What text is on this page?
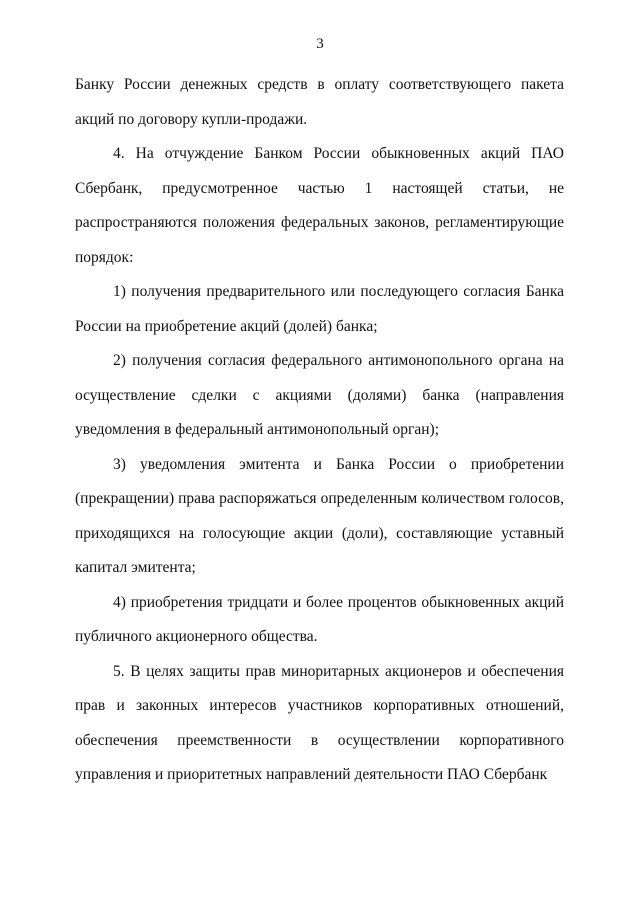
3

Банку России денежных средств в оплату соответствующего пакета акций по договору купли-продажи.

4. На отчуждение Банком России обыкновенных акций ПАО Сбербанк, предусмотренное частью 1 настоящей статьи, не распространяются положения федеральных законов, регламентирующие порядок:

1) получения предварительного или последующего согласия Банка России на приобретение акций (долей) банка;

2) получения согласия федерального антимонопольного органа на осуществление сделки с акциями (долями) банка (направления уведомления в федеральный антимонопольный орган);

3) уведомления эмитента и Банка России о приобретении (прекращении) права распоряжаться определенным количеством голосов, приходящихся на голосующие акции (доли), составляющие уставный капитал эмитента;

4) приобретения тридцати и более процентов обыкновенных акций публичного акционерного общества.

5. В целях защиты прав миноритарных акционеров и обеспечения прав и законных интересов участников корпоративных отношений, обеспечения преемственности в осуществлении корпоративного управления и приоритетных направлений деятельности ПАО Сбербанк
